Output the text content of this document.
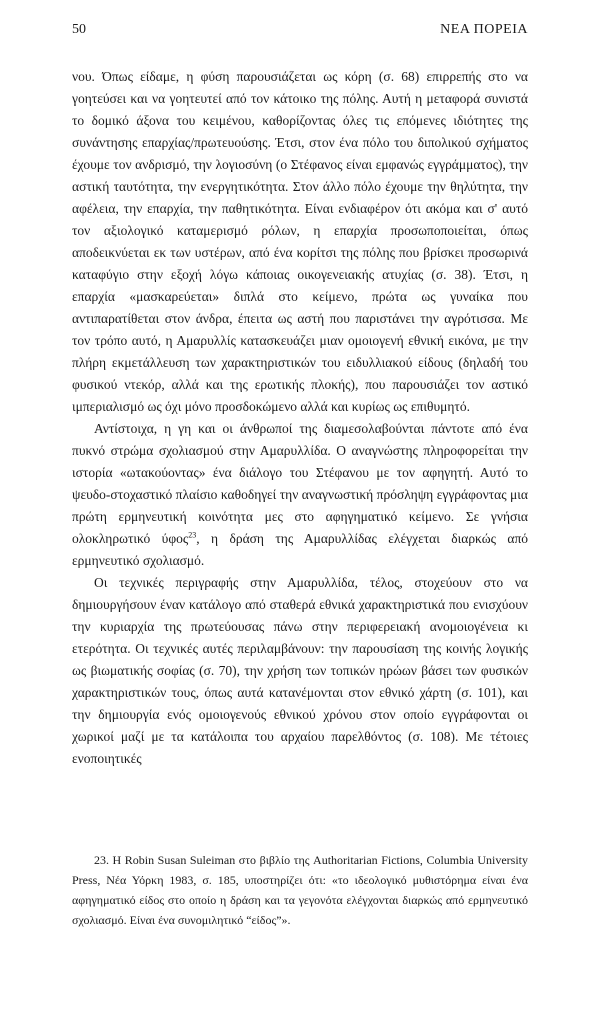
50	ΝΕΑ ΠΟΡΕΙΑ

νου. Όπως είδαμε, η φύση παρουσιάζεται ως κόρη (σ. 68) επιρρεπής στο να γοητεύσει και να γοητευτεί από τον κάτοικο της πόλης. Αυτή η μεταφορά συνιστά το δομικό άξονα του κειμένου, καθορίζοντας όλες τις επόμενες ιδιότητες της συνάντησης επαρχίας/πρωτευούσης. Έτσι, στον ένα πόλο του διπολικού σχήματος έχουμε τον ανδρισμό, την λογιοσύνη (ο Στέφανος είναι εμφανώς εγγράμματος), την αστική ταυτότητα, την ενεργητικότητα. Στον άλλο πόλο έχουμε την θηλύτητα, την αφέλεια, την επαρχία, την παθητικότητα. Είναι ενδιαφέρον ότι ακόμα και σ' αυτό τον αξιολογικό καταμερισμό ρόλων, η επαρχία προσωποποιείται, όπως αποδεικνύεται εκ των υστέρων, από ένα κορίτσι της πόλης που βρίσκει προσωρινά καταφύγιο στην εξοχή λόγω κάποιας οικογενειακής ατυχίας (σ. 38). Έτσι, η επαρχία «μασκαρεύεται» διπλά στο κείμενο, πρώτα ως γυναίκα που αντιπαρατίθεται στον άνδρα, έπειτα ως αστή που παριστάνει την αγρότισσα. Με τον τρόπο αυτό, η Αμαρυλλίς κατασκευάζει μιαν ομοιογενή εθνική εικόνα, με την πλήρη εκμετάλλευση των χαρακτηριστικών του ειδυλλιακού είδους (δηλαδή του φυσικού ντεκόρ, αλλά και της ερωτικής πλοκής), που παρουσιάζει τον αστικό ιμπεριαλισμό ως όχι μόνο προσδοκώμενο αλλά και κυρίως ως επιθυμητό.

Αντίστοιχα, η γη και οι άνθρωποί της διαμεσολαβούνται πάντοτε από ένα πυκνό στρώμα σχολιασμού στην Αμαρυλλίδα. Ο αναγνώστης πληροφορείται την ιστορία «ωτακούοντας» ένα διάλογο του Στέφανου με τον αφηγητή. Αυτό το ψευδο-στοχαστικό πλαίσιο καθοδηγεί την αναγνωστική πρόσληψη εγγράφοντας μια πρώτη ερμηνευτική κοινότητα μες στο αφηγηματικό κείμενο. Σε γνήσια ολοκληρωτικό ύφος$^{23}$, η δράση της Αμαρυλλίδας ελέγχεται διαρκώς από ερμηνευτικό σχολιασμό.

Οι τεχνικές περιγραφής στην Αμαρυλλίδα, τέλος, στοχεύουν στο να δημιουργήσουν έναν κατάλογο από σταθερά εθνικά χαρακτηριστικά που ενισχύουν την κυριαρχία της πρωτεύουσας πάνω στην περιφερειακή ανομοιογένεια κι ετερότητα. Οι τεχνικές αυτές περιλαμβάνουν: την παρουσίαση της κοινής λογικής ως βιωματικής σοφίας (σ. 70), την χρήση των τοπικών ηρώων βάσει των φυσικών χαρακτηριστικών τους, όπως αυτά κατανέμονται στον εθνικό χάρτη (σ. 101), και την δημιουργία ενός ομοιογενούς εθνικού χρόνου στον οποίο εγγράφονται οι χωρικοί μαζί με τα κατάλοιπα του αρχαίου παρελθόντος (σ. 108). Με τέτοιες ενοποιητικές

23. Η Robin Susan Suleiman στο βιβλίο της Authoritarian Fictions, Columbia University Press, Νέα Υόρκη 1983, σ. 185, υποστηρίζει ότι: «το ιδεολογικό μυθιστόρημα είναι ένα αφηγηματικό είδος στο οποίο η δράση και τα γεγονότα ελέγχονται διαρκώς από ερμηνευτικό σχολιασμό. Είναι ένα συνομιλητικό “είδος”».
